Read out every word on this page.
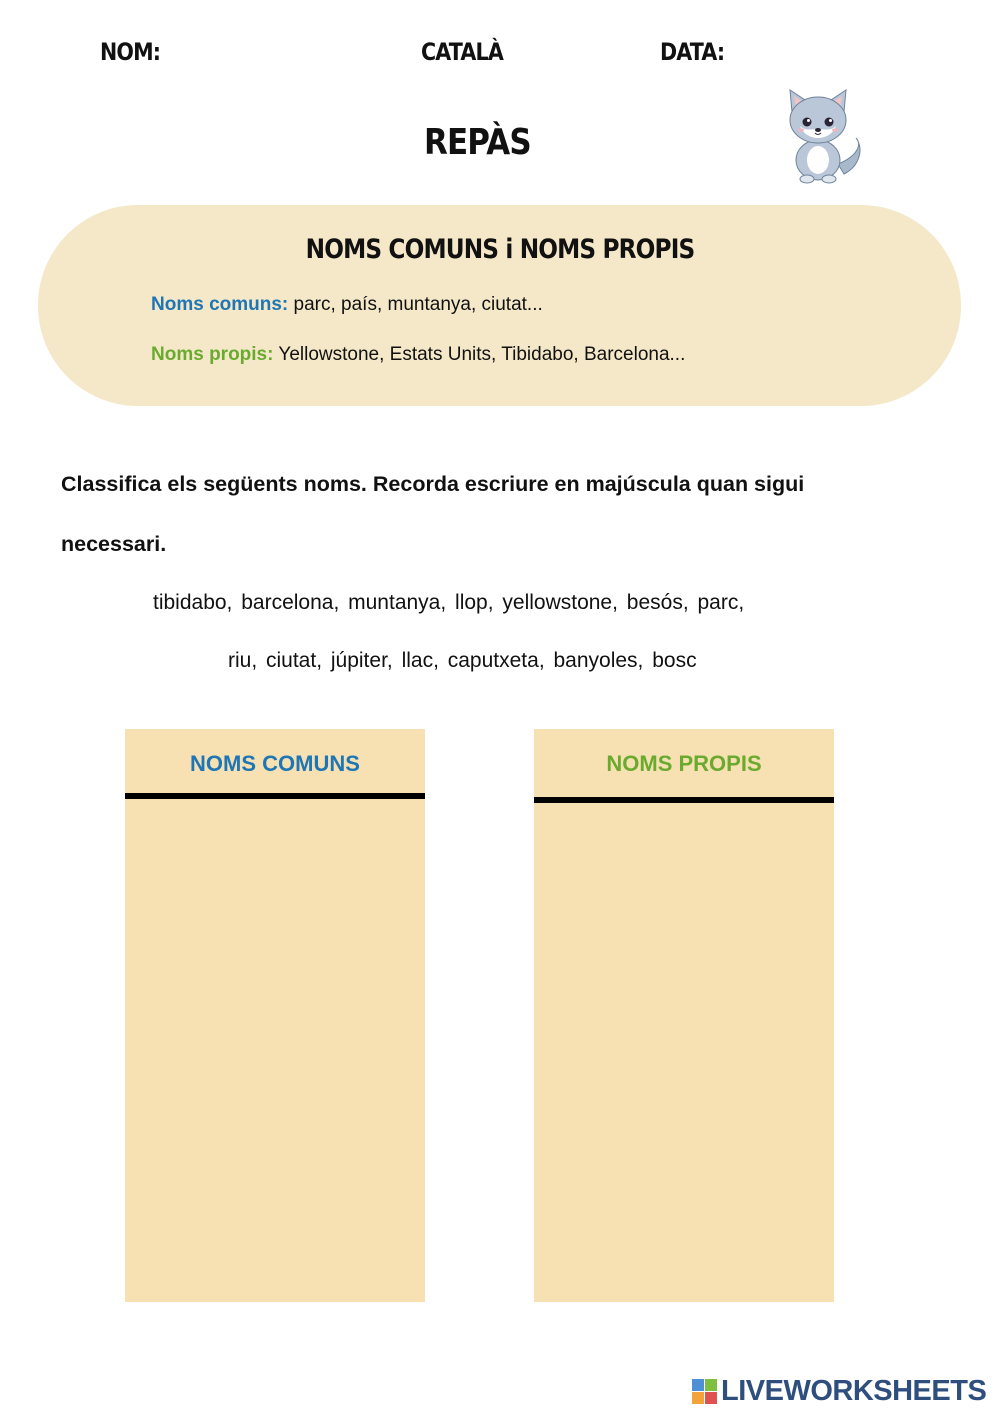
NOM:	CATALÀ	DATA:
REPÀS
NOMS COMUNS i NOMS PROPIS
Noms comuns: parc, país, muntanya, ciutat...
Noms propis: Yellowstone, Estats Units, Tibidabo, Barcelona...
Classifica els següents noms. Recorda escriure en majúscula quan sigui
necessari.
tibidabo, barcelona, muntanya, llop, yellowstone, besós, parc,
riu, ciutat, júpiter, llac, caputxeta, banyoles, bosc
NOMS COMUNS	NOMS PROPIS
LIVEWORKSHEETS
